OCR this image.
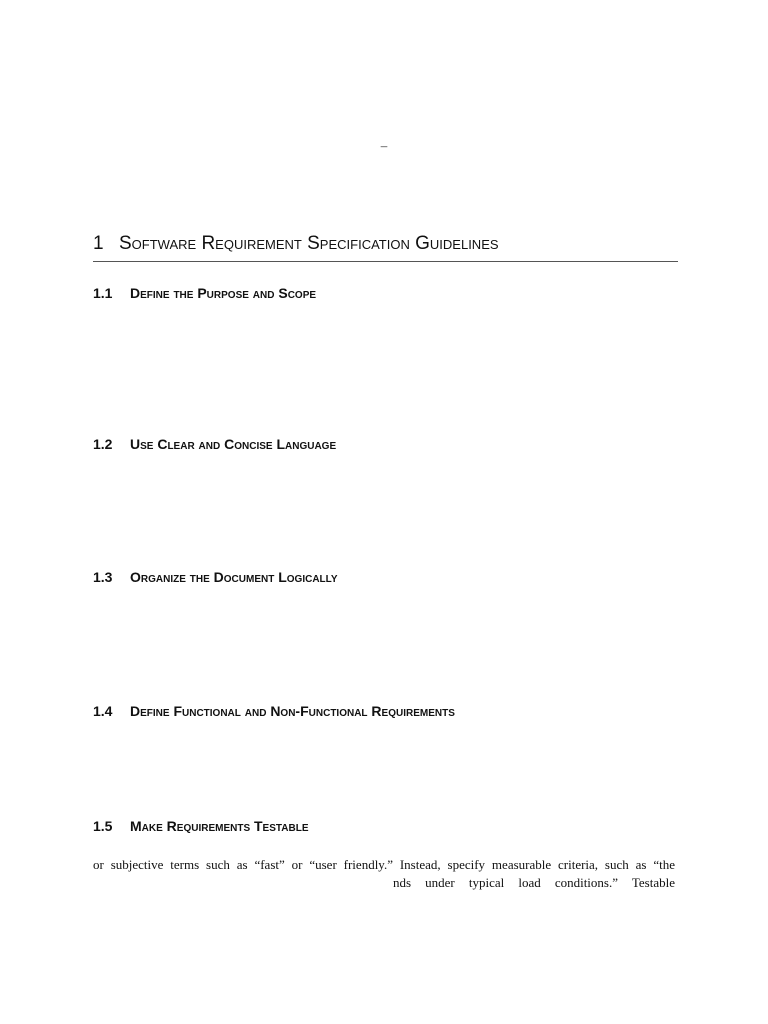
–
1 Software Requirement Specification Guidelines
1.1 Define the Purpose and Scope
1.2 Use Clear and Concise Language
1.3 Organize the Document Logically
1.4 Define Functional and Non-Functional Requirements
1.5 Make Requirements Testable
or subjective terms such as “fast” or “user friendly.” Instead, specify measurable criteria, such as “the
nds under typical load conditions.” Testable
